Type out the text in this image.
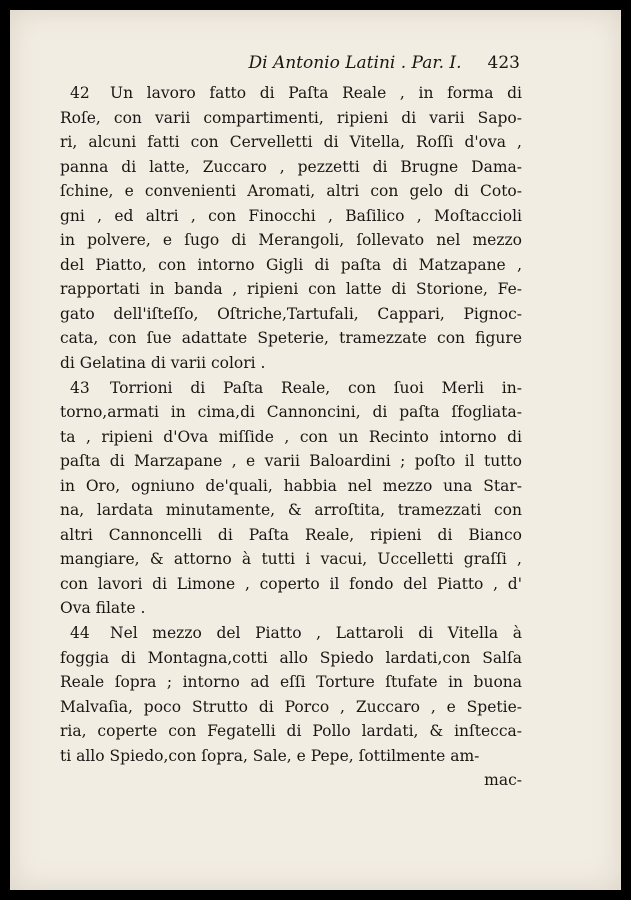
Di Antonio Latini . Par. I. 423
42 Un lavoro fatto di Paſta Reale , in forma di
Roſe, con varii compartimenti, ripieni di varii Sapo-
ri, alcuni fatti con Cervelletti di Vitella, Roſſi d'ova ,
panna di latte, Zuccaro , pezzetti di Brugne Dama-
ſchine, e convenienti Aromati, altri con gelo di Coto-
gni , ed altri , con Finocchi , Baſilico , Moſtaccioli
in polvere, e ſugo di Merangoli, ſollevato nel mezzo
del Piatto, con intorno Gigli di paſta di Matzapane ,
rapportati in banda , ripieni con latte di Storione, Fe-
gato dell'iſteſſo, Oſtriche,Tartufali, Cappari, Pignoc-
cata, con ſue adattate Speterie, tramezzate con figure
di Gelatina di varii colori .
43 Torrioni di Paſta Reale, con ſuoi Merli in-
torno,armati in cima,di Cannoncini, di paſta ſfogliata-
ta , ripieni d'Ova miſſide , con un Recinto intorno di
paſta di Marzapane , e varii Baloardini ; poſto il tutto
in Oro, ogniuno de'quali, habbia nel mezzo una Star-
na, lardata minutamente, & arroſtita, tramezzati con
altri Cannoncelli di Paſta Reale, ripieni di Bianco
mangiare, & attorno à tutti i vacui, Uccelletti graſſi ,
con lavori di Limone , coperto il fondo del Piatto , d'
Ova filate .
44 Nel mezzo del Piatto , Lattaroli di Vitella à
foggia di Montagna,cotti allo Spiedo lardati,con Salſa
Reale ſopra ; intorno ad eſſi Torture ſtufate in buona
Malvaſia, poco Strutto di Porco , Zuccaro , e Spetie-
ria, coperte con Fegatelli di Pollo lardati, & inſtecca-
ti allo Spiedo,con ſopra, Sale, e Pepe, ſottilmente am-
mac-
